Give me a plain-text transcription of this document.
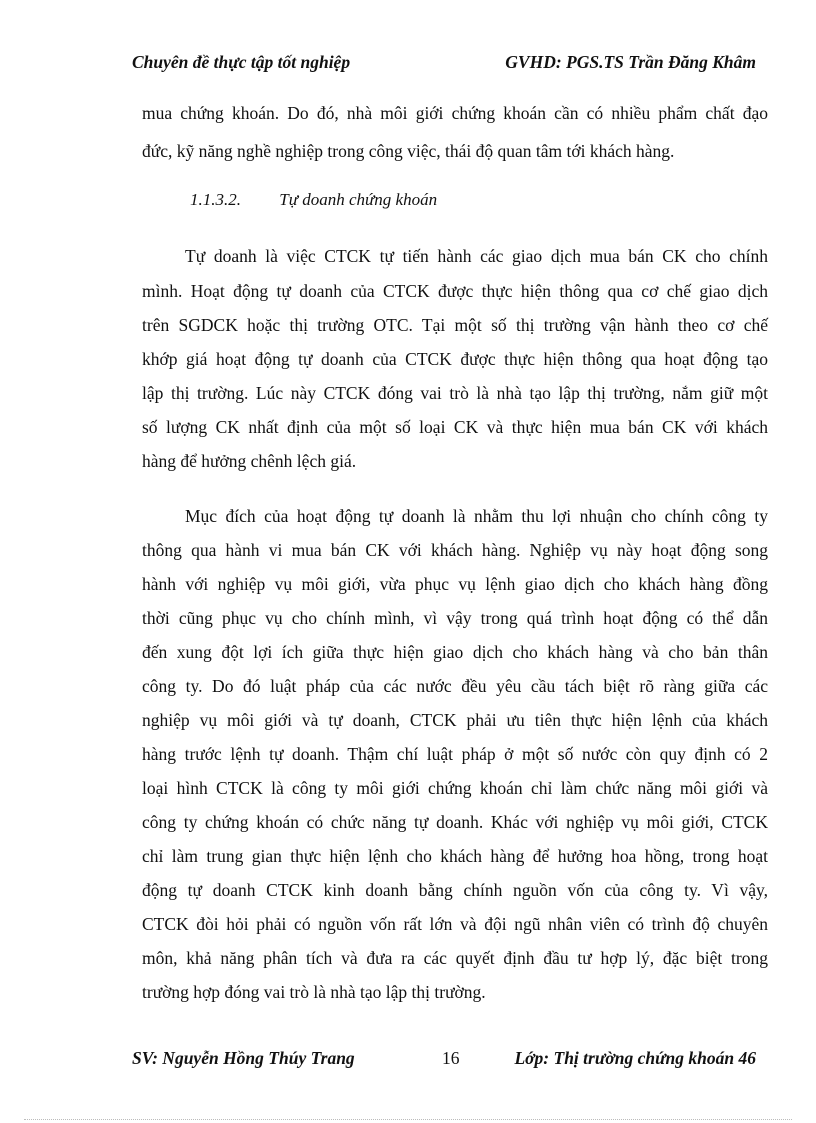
Chuyên đề thực tập tốt nghiệp	GVHD: PGS.TS Trần Đăng Khâm
mua chứng khoán. Do đó, nhà môi giới chứng khoán cần có nhiều phẩm chất đạo
đức, kỹ năng nghề nghiệp trong công việc, thái độ quan tâm tới khách hàng.
1.1.3.2. Tự doanh chứng khoán
Tự doanh là việc CTCK tự tiến hành các giao dịch mua bán CK cho chính
mình. Hoạt động tự doanh của CTCK được thực hiện thông qua cơ chế giao dịch
trên SGDCK hoặc thị trường OTC. Tại một số thị trường vận hành theo cơ chế
khớp giá hoạt động tự doanh của CTCK được thực hiện thông qua hoạt động tạo
lập thị trường. Lúc này CTCK đóng vai trò là nhà tạo lập thị trường, nắm giữ một
số lượng CK nhất định của một số loại CK và thực hiện mua bán CK với khách
hàng để hưởng chênh lệch giá.
Mục đích của hoạt động tự doanh là nhằm thu lợi nhuận cho chính công ty
thông qua hành vi mua bán CK với khách hàng. Nghiệp vụ này hoạt động song
hành với nghiệp vụ môi giới, vừa phục vụ lệnh giao dịch cho khách hàng đồng
thời cũng phục vụ cho chính mình, vì vậy trong quá trình hoạt động có thể dẫn
đến xung đột lợi ích giữa thực hiện giao dịch cho khách hàng và cho bản thân
công ty. Do đó luật pháp của các nước đều yêu cầu tách biệt rõ ràng giữa các
nghiệp vụ môi giới và tự doanh, CTCK phải ưu tiên thực hiện lệnh của khách
hàng trước lệnh tự doanh. Thậm chí luật pháp ở một số nước còn quy định có 2
loại hình CTCK là công ty môi giới chứng khoán chỉ làm chức năng môi giới và
công ty chứng khoán có chức năng tự doanh. Khác với nghiệp vụ môi giới, CTCK
chỉ làm trung gian thực hiện lệnh cho khách hàng để hưởng hoa hồng, trong hoạt
động tự doanh CTCK kinh doanh bằng chính nguồn vốn của công ty. Vì vậy,
CTCK đòi hỏi phải có nguồn vốn rất lớn và đội ngũ nhân viên có trình độ chuyên
môn, khả năng phân tích và đưa ra các quyết định đầu tư hợp lý, đặc biệt trong
trường hợp đóng vai trò là nhà tạo lập thị trường.
SV: Nguyễn Hồng Thúy Trang	16	Lớp: Thị trường chứng khoán 46
